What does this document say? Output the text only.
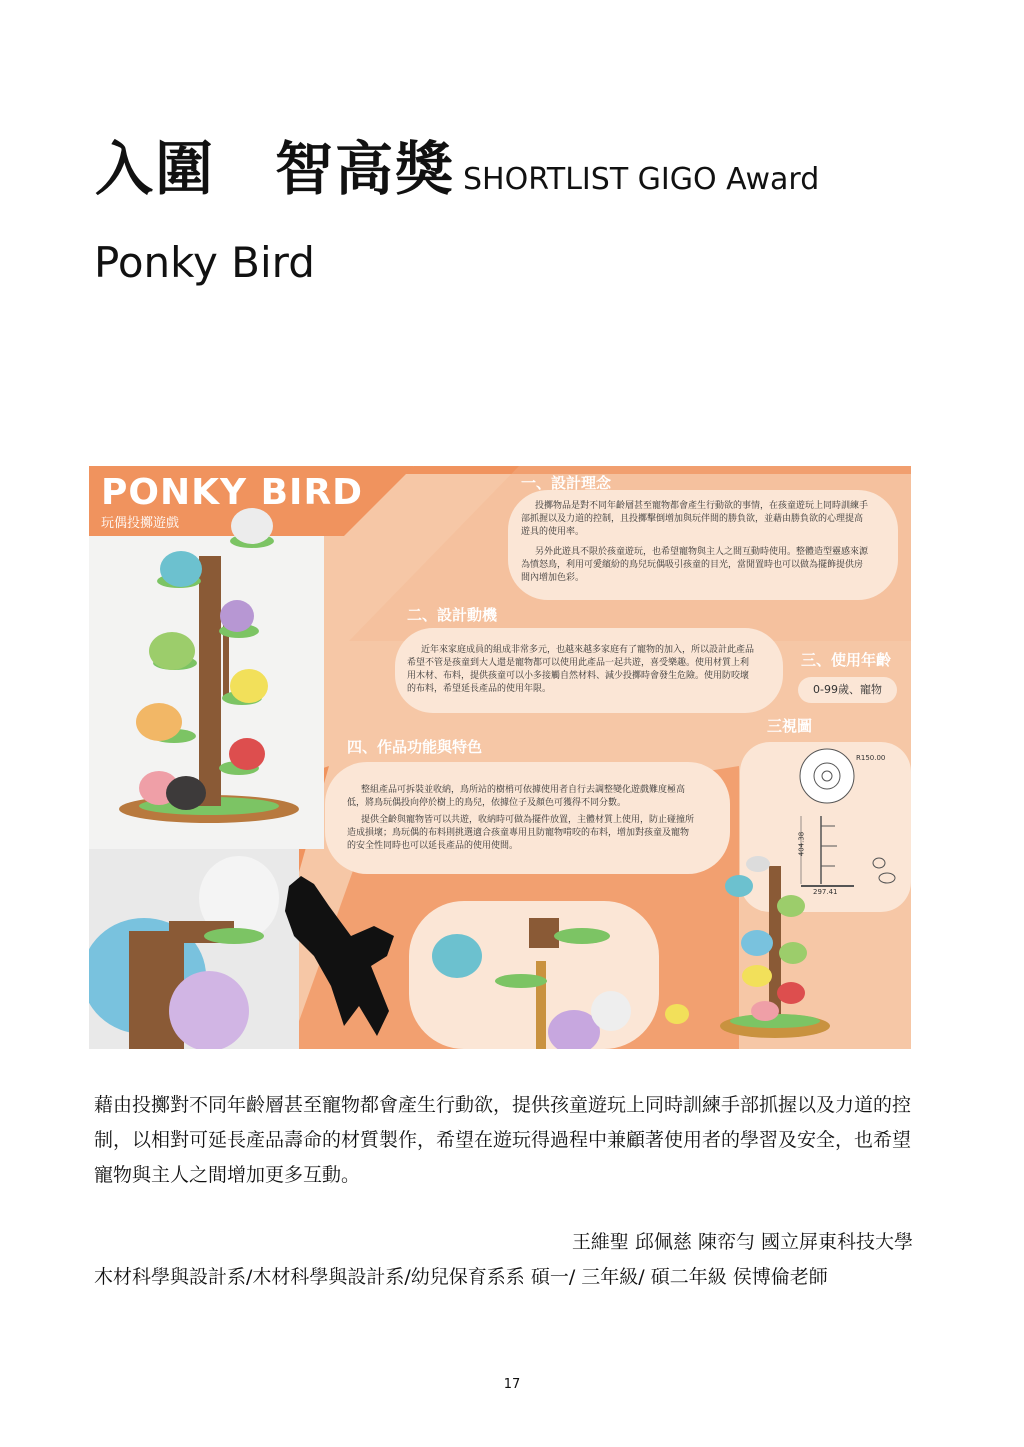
入圍　智高獎 SHORTLIST GIGO Award
Ponky Bird
PONKY BIRD
玩偶投擲遊戲
一、設計理念
投擲物品是對不同年齡層甚至寵物都會產生行動欲的事情，在孩童遊玩上同時訓練手部抓握以及力道的控制，且投擲擊倒增加與玩伴間的勝負欲，並藉由勝負欲的心理提高遊具的使用率。
另外此遊具不限於孩童遊玩，也希望寵物與主人之間互動時使用。整體造型靈感來源為憤怒鳥，利用可愛繽紛的鳥兒玩偶吸引孩童的目光，當閒置時也可以做為擺飾提供房間內增加色彩。
二、設計動機
近年來家庭成員的組成非常多元，也越來越多家庭有了寵物的加入，所以設計此產品希望不管是孩童到大人還是寵物都可以使用此產品一起共遊，喜受樂趣。使用材質上利用木材、布料，提供孩童可以小多接觸自然材料、減少投擲時會發生危險。使用防咬壞的布料，希望延長產品的使用年限。
三、使用年齡
0-99歲、寵物
三視圖
R150.00
404.38
297.41
四、作品功能與特色
整組產品可拆裝並收納，鳥所站的樹梢可依據使用者自行去調整變化遊戲難度極高低，將鳥玩偶投向停於樹上的鳥兒，依據位子及顏色可獲得不同分數。
提供全齡與寵物皆可以共遊，收納時可做為擺件放置，主體材質上使用，防止碰撞所造成損壞；鳥玩偶的布料則挑選適合孩童專用且防寵物啃咬的布料，增加對孩童及寵物的安全性同時也可以延長產品的使用使間。
藉由投擲對不同年齡層甚至寵物都會產生行動欲，提供孩童遊玩上同時訓練手部抓握以及力道的控制，以相對可延長產品壽命的材質製作，希望在遊玩得過程中兼顧著使用者的學習及安全，也希望寵物與主人之間增加更多互動。
王維聖 邱佩慈 陳帟勻 國立屏東科技大學
木材科學與設計系/木材科學與設計系/幼兒保育系系 碩一/ 三年級/ 碩二年級 侯博倫老師
17
